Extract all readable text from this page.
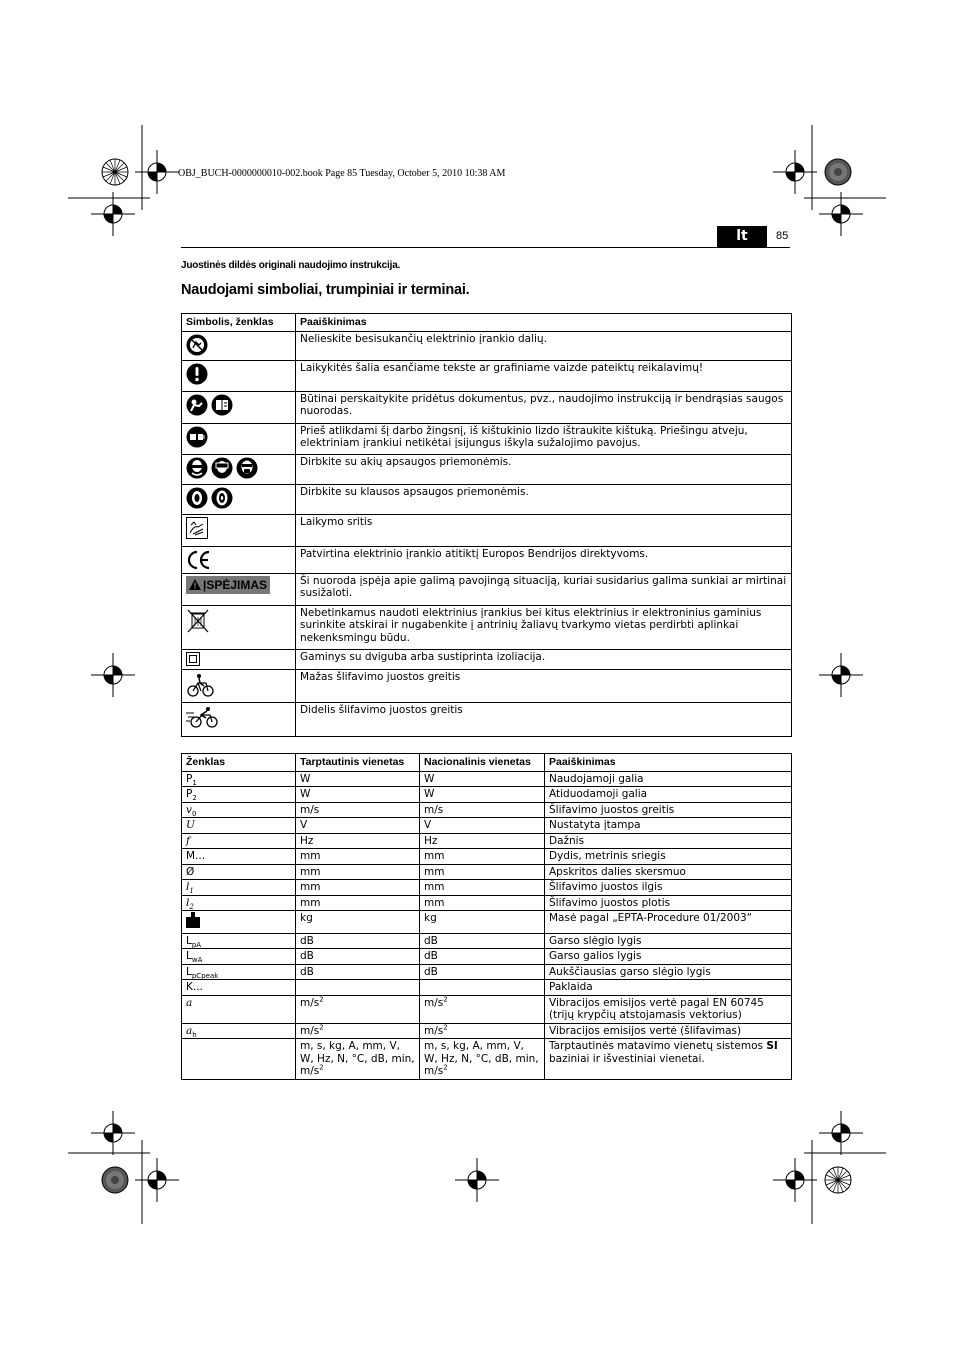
OBJ_BUCH-0000000010-002.book Page 85 Tuesday, October 5, 2010 10:38 AM
lt	85
Juostinės dildės originali naudojimo instrukcija.
Naudojami simboliai, trumpiniai ir terminai.
Simbolis, ženklas	Paaiškinimas

	Nelieskite besisukančių elektrinio įrankio dalių.

	Laikykitės šalia esančiame tekste ar grafiniame vaizde pateiktų reikalavimų!

	Būtinai perskaitykite pridėtus dokumentus, pvz., naudojimo instrukciją ir bendrąsias saugos nuorodas.

	Prieš atlikdami šį darbo žingsnį, iš kištukinio lizdo ištraukite kištuką. Priešingu atveju, elektriniam įrankiui netikėtai įsijungus iškyla sužalojimo pavojus.

	Dirbkite su akių apsaugos priemonėmis.

	Dirbkite su klausos apsaugos priemonėmis.

	Laikymo sritis

	Patvirtina elektrinio įrankio atitiktį Europos Bendrijos direktyvoms.

ĮSPĖJIMAS	Ši nuoroda įspėja apie galimą pavojingą situaciją, kuriai susidarius galima sunkiai ar mirtinai susižaloti.

	Nebetinkamus naudoti elektrinius įrankius bei kitus elektrinius ir elektroninius gaminius surinkite atskirai ir nugabenkite į antrinių žaliavų tvarkymo vietas perdirbti aplinkai nekenksmingu būdu.

	Gaminys su dviguba arba sustiprinta izoliacija.

	Mažas šlifavimo juostos greitis

	Didelis šlifavimo juostos greitis
Ženklas	Tarptautinis vienetas	Nacionalinis vienetas	Paaiškinimas
$P_1$	W	W	Naudojamoji galia
$P_2$	W	W	Atiduodamoji galia
$v_0$	m/s	m/s	Šlifavimo juostos greitis
U	V	V	Nustatyta įtampa
f	Hz	Hz	Dažnis
M...	mm	mm	Dydis, metrinis sriegis
Ø	mm	mm	Apskritos dalies skersmuo
$l_1$	mm	mm	Šlifavimo juostos ilgis
$l_2$	mm	mm	Šlifavimo juostos plotis
	kg	kg	Masė pagal „EPTA-Procedure 01/2003“
$L_{pA}$	dB	dB	Garso slėgio lygis
$L_{wA}$	dB	dB	Garso galios lygis
$L_{pCpeak}$	dB	dB	Aukščiausias garso slėgio lygis
K...			Paklaida
a	$m/s^2$	$m/s^2$	Vibracijos emisijos vertė pagal EN 60745 (trijų krypčių atstojamasis vektorius)
$a_h$	$m/s^2$	$m/s^2$	Vibracijos emisijos vertė (šlifavimas)
	m, s, kg, A, mm, V, W, Hz, N, °C, dB, min, $m/s^2$	m, s, kg, A, mm, V, W, Hz, N, °C, dB, min, $m/s^2$	Tarptautinės matavimo vienetų sistemos SI baziniai ir išvestiniai vienetai.
